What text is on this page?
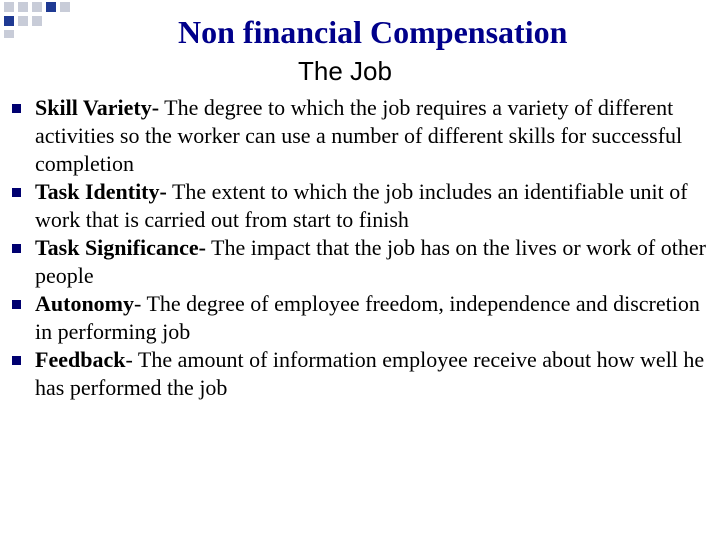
Non financial Compensation
The Job

Skill Variety- The degree to which the job requires a variety of different activities so the worker can use a number of different skills for successful completion

Task Identity- The extent to which the job includes an identifiable unit of work that is carried out from start to finish

Task Significance- The impact that the job has on the lives or work of other people

Autonomy- The degree of employee freedom, independence and discretion in performing job

Feedback- The amount of information employee receive about how well he has performed the job
